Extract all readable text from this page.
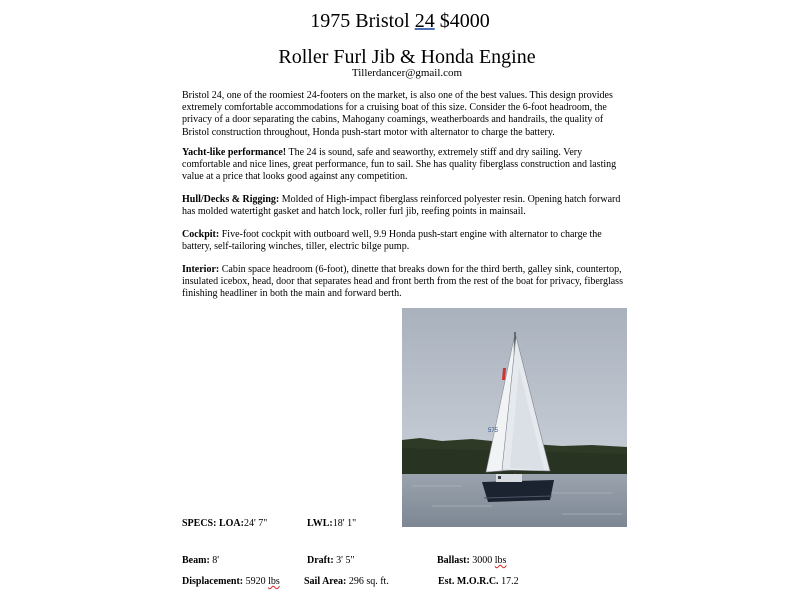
1975 Bristol 24 $4000
Roller Furl Jib & Honda Engine
Tillerdancer@gmail.com

Bristol 24, one of the roomiest 24-footers on the market, is also one of the best values. This design provides extremely comfortable accommodations for a cruising boat of this size. Consider the 6-foot headroom, the privacy of a door separating the cabins, Mahogany coamings, weatherboards and handrails, the quality of Bristol construction throughout, Honda push-start motor with alternator to charge the battery.

Yacht-like performance! The 24 is sound, safe and seaworthy, extremely stiff and dry sailing. Very comfortable and nice lines, great performance, fun to sail. She has quality fiberglass construction and lasting value at a price that looks good against any competition.

Hull/Decks & Rigging: Molded of High-impact fiberglass reinforced polyester resin. Opening hatch forward has molded watertight gasket and hatch lock, roller furl jib, reefing points in mainsail.

Cockpit: Five-foot cockpit with outboard well, 9.9 Honda push-start engine with alternator to charge the battery, self-tailoring winches, tiller, electric bilge pump.

Interior: Cabin space headroom (6-foot), dinette that breaks down for the third berth, galley sink, countertop, insulated icebox, head, door that separates head and front berth from the rest of the boat for privacy, fiberglass finishing headliner in both the main and forward berth.

575
SPECS: LOA:24' 7"	LWL:18' 1"
Beam: 8'	Draft: 3' 5"	Ballast: 3000 lbs
Displacement: 5920 lbs Sail Area: 296 sq. ft.	Est. M.O.R.C. 17.2
